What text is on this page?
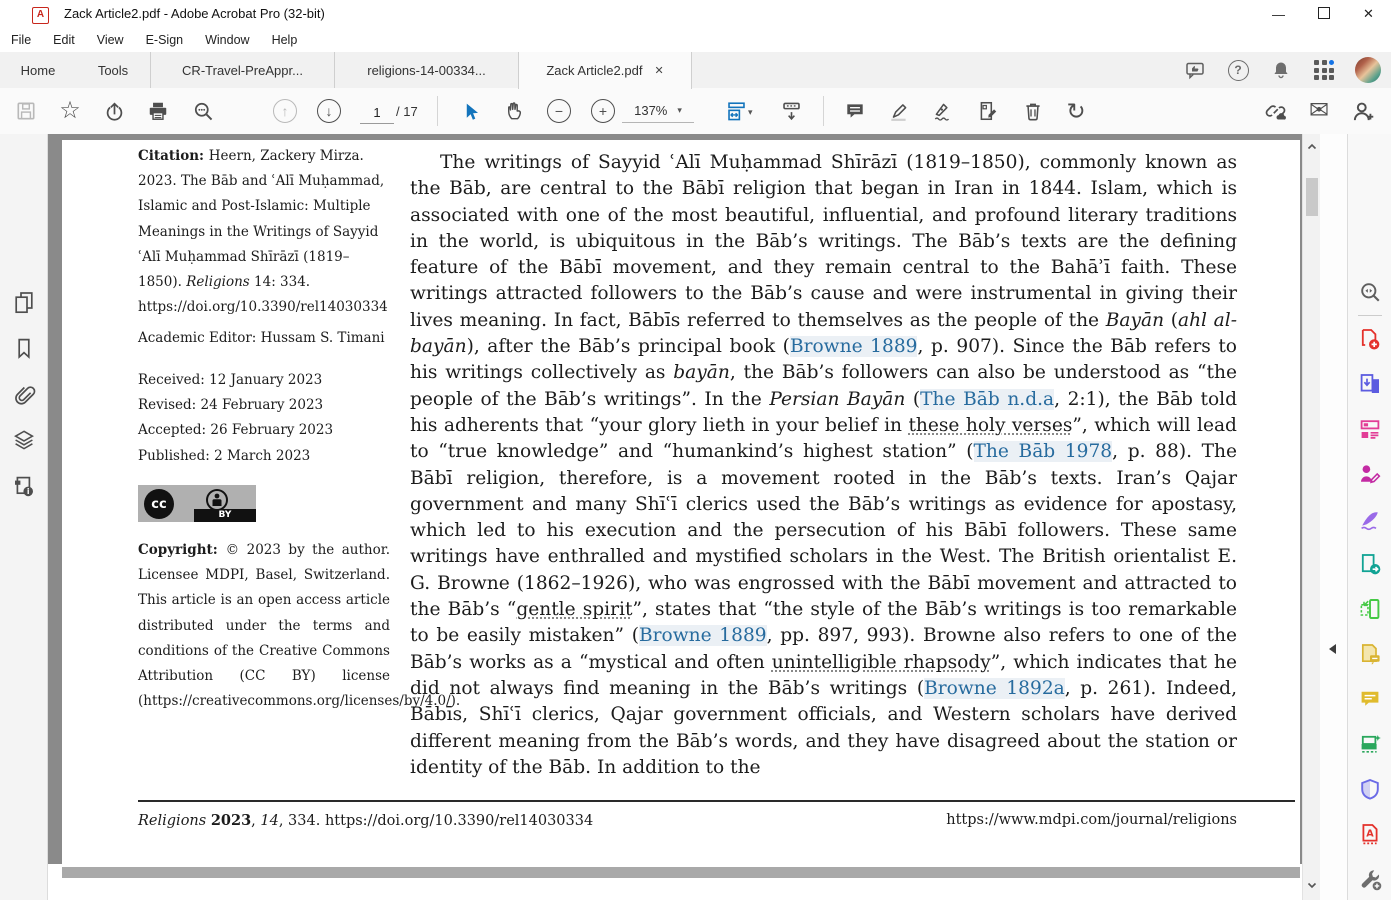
A	Zack Article2.pdf - Adobe Acrobat Pro (32-bit)	—	✕
File	Edit	View	E-Sign	Window	Help
Home	Tools	CR-Travel-PreAppr...	religions-14-00334...	Zack Article2.pdf ✕	?
☆	↑	↓
1	/ 17	−	+ 137% ▾	▾	↻	✉
i
Citation: Heern, Zackery Mirza. 2023. The Bāb and ʿAlī Muḥammad, Islamic and Post-Islamic: Multiple Meanings in the Writings of Sayyid ʿAlī Muḥammad Shīrāzī (1819–1850). Religions 14: 334. https://doi.org/10.3390/rel14030334
Academic Editor: Hussam S. Timani
Received: 12 January 2023
Revised: 24 February 2023
Accepted: 26 February 2023
Published: 2 March 2023
cc
BY
Copyright: © 2023 by the author. Licensee MDPI, Basel, Switzerland. This article is an open access article distributed under the terms and conditions of the Creative Commons Attribution (CC BY) license (https://creativecommons.org/licenses/by/4.0/).
The writings of Sayyid ʿAlī Muḥammad Shīrāzī (1819–1850), commonly known as the Bāb, are central to the Bābī religion that began in Iran in 1844. Islam, which is associated with one of the most beautiful, influential, and profound literary traditions in the world, is ubiquitous in the Bāb’s writings. The Bāb’s texts are the defining feature of the Bābī movement, and they remain central to the Bahāʾī faith. These writings attracted followers to the Bāb’s cause and were instrumental in giving their lives meaning. In fact, Bābīs referred to themselves as the people of the Bayān (ahl al-bayān), after the Bāb’s principal book (Browne 1889, p. 907). Since the Bāb refers to his writings collectively as bayān, the Bāb’s followers can also be understood as “the people of the Bāb’s writings”. In the Persian Bayān (The Bāb n.d.a, 2:1), the Bāb told his adherents that “your glory lieth in your belief in these holy verses”, which will lead to “true knowledge” and “humankind’s highest station” (The Bāb 1978, p. 88). The Bābī religion, therefore, is a movement rooted in the Bāb’s texts. Iran’s Qajar government and many Shīʿī clerics used the Bāb’s writings as evidence for apostasy, which led to his execution and the persecution of his Bābī followers. These same writings have enthralled and mystified scholars in the West. The British orientalist E. G. Browne (1862–1926), who was engrossed with the Bābī movement and attracted to the Bāb’s “gentle spirit”, states that “the style of the Bāb’s writings is too remarkable to be easily mistaken” (Browne 1889, pp. 897, 993). Browne also refers to one of the Bāb’s works as a “mystical and often unintelligible rhapsody”, which indicates that he did not always find meaning in the Bāb’s writings (Browne 1892a, p. 261). Indeed, Bābīs, Shīʿī clerics, Qajar government officials, and Western scholars have derived different meaning from the Bāb’s words, and they have disagreed about the station or identity of the Bāb. In addition to the
Religions 2023, 14, 334. https://doi.org/10.3390/rel14030334	https://www.mdpi.com/journal/religions
A
